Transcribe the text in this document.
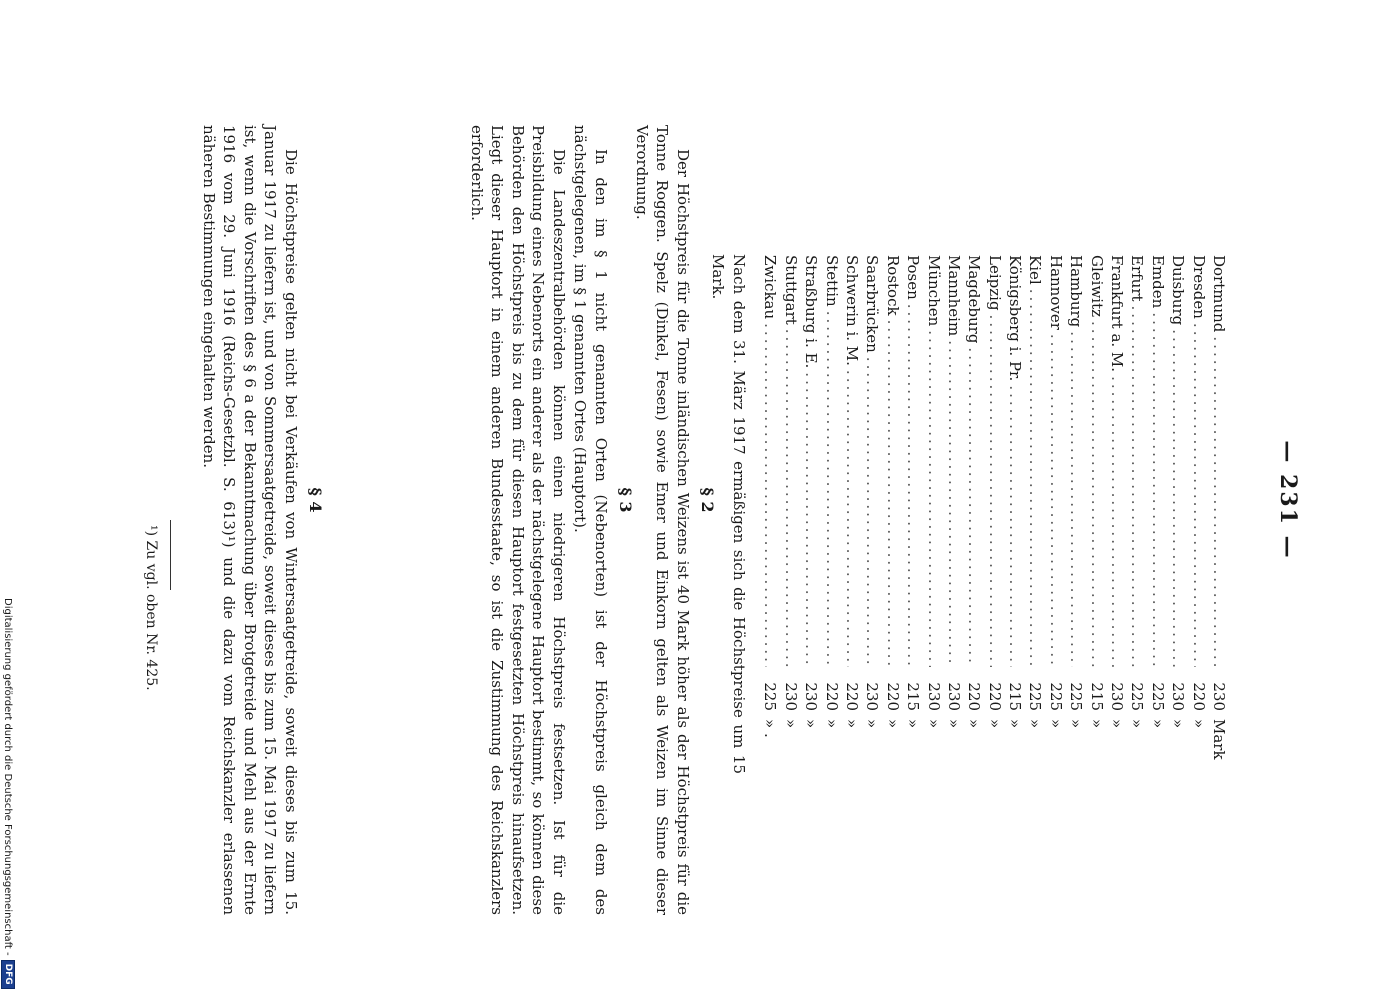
— 231 —
Dortmund
.....
230
Mark
Dresden
.....
220
»
Duisburg
.....
230
»
Emden
.....
225
»
Erfurt
.....
225
»
Frankfurt a. M.
.....
230
»
Gleiwitz
.....
215
»
Hamburg
.....
225
»
Hannover
.....
225
»
Kiel
.....
225
»
Königsberg i. Pr.
.....
215
»
Leipzig
.....
220
»
Magdeburg
.....
220
»
Mannheim
.....
230
»
München
.....
230
»
Posen
.....
215
»
Rostock
.....
220
»
Saarbrücken
.....
230
»
Schwerin i. M.
.....
220
»
Stettin
.....
220
»
Straßburg i. E.
.....
230
»
Stuttgart
.....
230
»
Zwickau
.....
225
» .

Nach dem 31. März 1917 ermäßigen sich die Höchstpreise um 15 Mark.

§ 2

Der Höchstpreis für die Tonne inländischen Weizens ist 40 Mark höher als der Höchstpreis für die Tonne Roggen. Spelz (Dinkel, Fesen) sowie Emer und Einkorn gelten als Weizen im Sinne dieser Verordnung.

§ 3

In den im § 1 nicht genannten Orten (Nebenorten) ist der Höchstpreis gleich dem des nächstgelegenen, im § 1 genannten Ortes (Hauptort).

Die Landeszentralbehörden können einen niedrigeren Höchstpreis festsetzen. Ist für die Preisbildung eines Nebenorts ein anderer als der nächstgelegene Hauptort bestimmt, so können diese Behörden den Höchstpreis bis zu dem für diesen Hauptort festgesetzten Höchstpreis hinaufsetzen. Liegt dieser Hauptort in einem anderen Bundesstaate, so ist die Zustimmung des Reichskanzlers erforderlich.

§ 4

Die Höchstpreise gelten nicht bei Verkäufen von Wintersaatgetreide, soweit dieses bis zum 15. Januar 1917 zu liefern ist, und von Sommersaatgetreide, soweit dieses bis zum 15. Mai 1917 zu liefern ist, wenn die Vorschriften des § 6 a der Bekanntmachung über Brotgetreide und Mehl aus der Ernte 1916 vom 29. Juni 1916 (Reichs-Gesetzbl. S. 613)¹) und die dazu vom Reichskanzler erlassenen näheren Bestimmungen eingehalten werden.

¹) Zu vgl. oben Nr. 425.
Digitalisierung gefördert durch die Deutsche Forschungsgemeinschaft -
DFG
